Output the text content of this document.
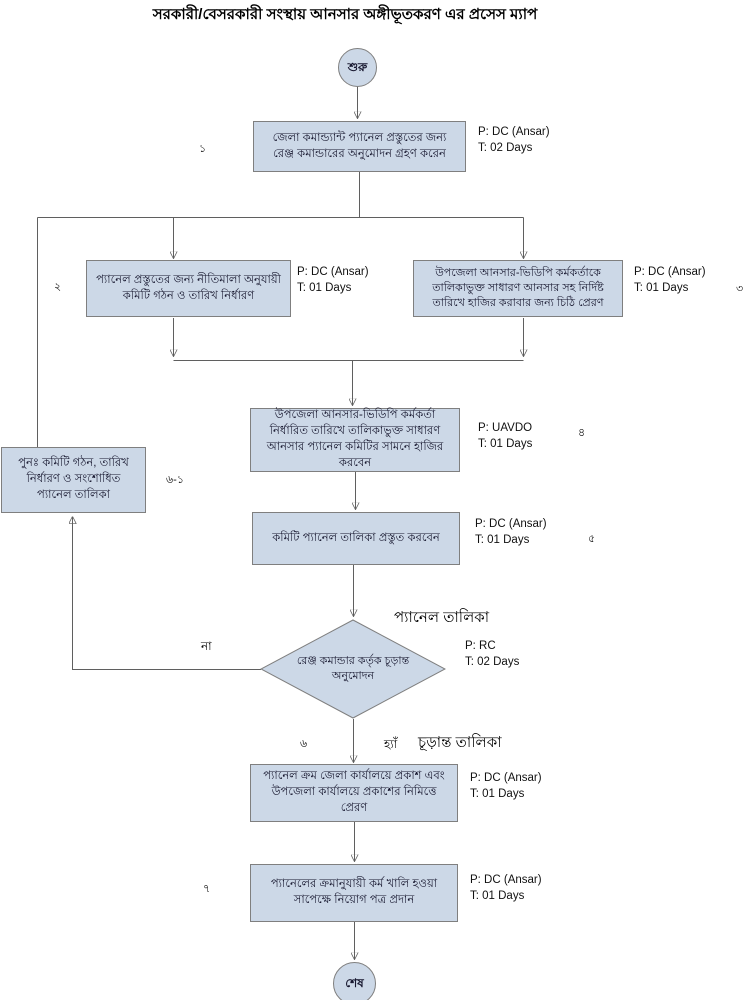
সরকারী/বেসরকারী সংস্থায় আনসার অঙ্গীভূতকরণ এর প্রসেস ম্যাপ
শুরু
জেলা কমান্ড্যান্ট প্যানেল প্রস্তুতের জন্য রেঞ্জ কমান্ডারের অনুমোদন গ্রহণ করেন
১
P: DC (Ansar)
T: 02 Days
প্যানেল প্রস্তুতের জন্য নীতিমালা অনুযায়ী কমিটি গঠন ও তারিখ নির্ধারণ
২
P: DC (Ansar)
T: 01 Days
উপজেলা আনসার-ভিডিপি কর্মকর্তাকে তালিকাভুক্ত সাধারণ আনসার সহ নির্দিষ্ট তারিখে হাজির করাবার জন্য চিঠি প্রেরণ
P: DC (Ansar)
T: 01 Days	৩
উপজেলা আনসার-ভিডিপি কর্মকর্তা নির্ধারিত তারিখে তালিকাভুক্ত সাধারণ আনসার প্যানেল কমিটির সামনে হাজির করবেন
P: UAVDO
T: 01 Days
৪
পুনঃ কমিটি গঠন, তারিখ নির্ধারণ ও সংশোধিত প্যানেল তালিকা
৬-১
কমিটি প্যানেল তালিকা প্রস্তুত করবেন
P: DC (Ansar)
T: 01 Days	৫
প্যানেল তালিকা
রেঞ্জ কমান্ডার কর্তৃক চূড়ান্ত অনুমোদন
P: RC
T: 02 Days
না
৬	হ্যাঁ চূড়ান্ত তালিকা
প্যানেল ক্রম জেলা কার্যালয়ে প্রকাশ এবং উপজেলা কার্যালয়ে প্রকাশের নিমিত্তে প্রেরণ
P: DC (Ansar)
T: 01 Days
প্যানেলের ক্রমানুযায়ী কর্ম খালি হওয়া সাপেক্ষে নিয়োগ পত্র প্রদান
৭
P: DC (Ansar)
T: 01 Days
শেষ
